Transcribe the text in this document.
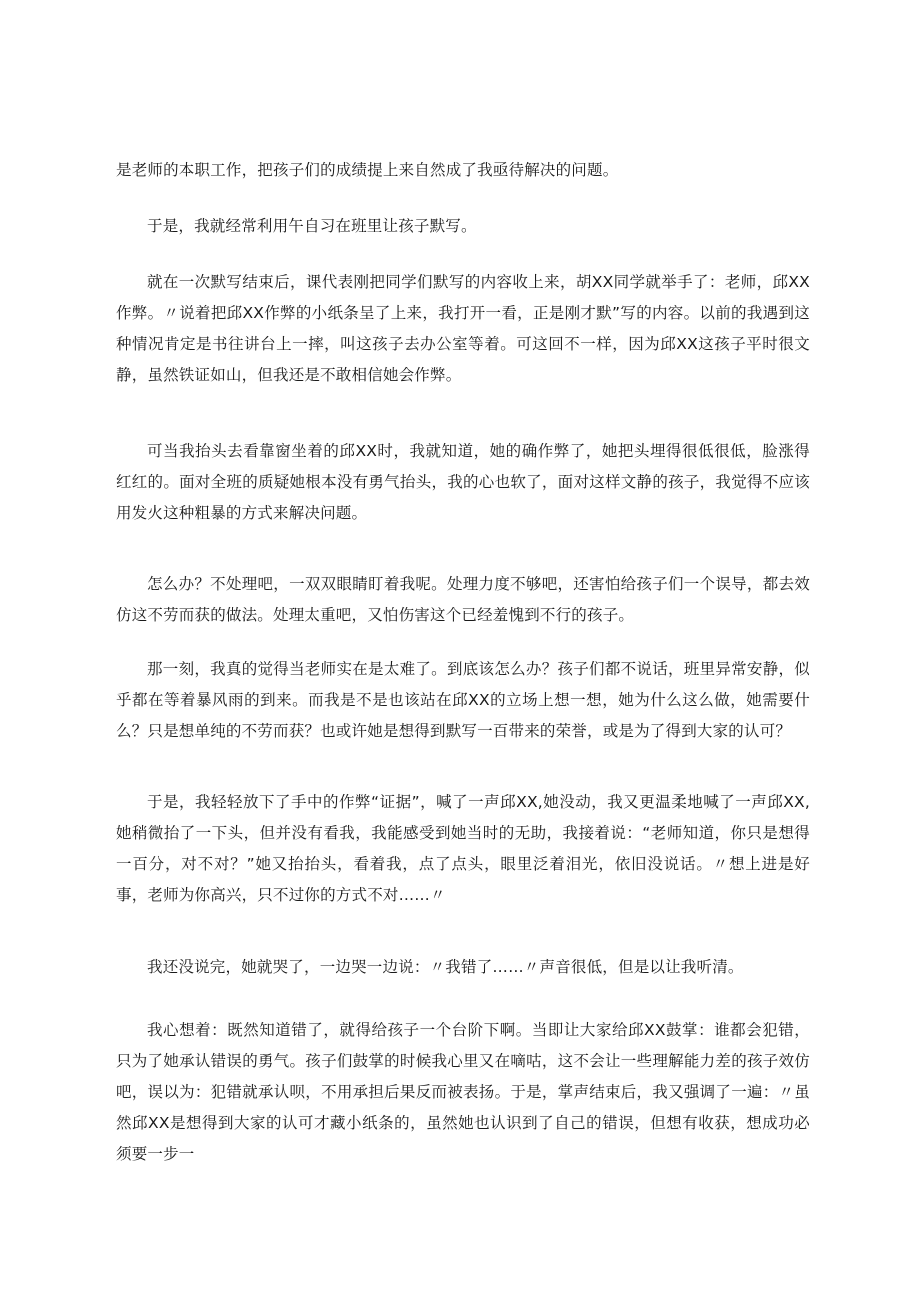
是老师的本职工作，把孩子们的成绩提上来自然成了我亟待解决的问题。

于是，我就经常利用午自习在班里让孩子默写。

就在一次默写结束后，课代表刚把同学们默写的内容收上来，胡XX同学就举手了：老师，邱XX作弊。〃说着把邱XX作弊的小纸条呈了上来，我打开一看，正是刚才默”写的内容。以前的我遇到这种情况肯定是书往讲台上一摔，叫这孩子去办公室等着。可这回不一样，因为邱XX这孩子平时很文静，虽然铁证如山，但我还是不敢相信她会作弊。

可当我抬头去看靠窗坐着的邱XX时，我就知道，她的确作弊了，她把头埋得很低很低，脸涨得红红的。面对全班的质疑她根本没有勇气抬头，我的心也软了，面对这样文静的孩子，我觉得不应该用发火这种粗暴的方式来解决问题。

怎么办？不处理吧，一双双眼睛盯着我呢。处理力度不够吧，还害怕给孩子们一个误导，都去效仿这不劳而获的做法。处理太重吧，又怕伤害这个已经羞愧到不行的孩子。

那一刻，我真的觉得当老师实在是太难了。到底该怎么办？孩子们都不说话，班里异常安静，似乎都在等着暴风雨的到来。而我是不是也该站在邱XX的立场上想一想，她为什么这么做，她需要什么？只是想单纯的不劳而获？也或许她是想得到默写一百带来的荣誉，或是为了得到大家的认可？

于是，我轻轻放下了手中的作弊“证据”，喊了一声邱XX,她没动，我又更温柔地喊了一声邱XX,她稍微抬了一下头，但并没有看我，我能感受到她当时的无助，我接着说：“老师知道，你只是想得一百分，对不对？”她又抬抬头，看着我，点了点头，眼里泛着泪光，依旧没说话。〃想上进是好事，老师为你高兴，只不过你的方式不对……〃

我还没说完，她就哭了，一边哭一边说：〃我错了……〃声音很低，但是以让我听清。

我心想着：既然知道错了，就得给孩子一个台阶下啊。当即让大家给邱XX鼓掌：谁都会犯错，只为了她承认错误的勇气。孩子们鼓掌的时候我心里又在嘀咕，这不会让一些理解能力差的孩子效仿吧，误以为：犯错就承认呗，不用承担后果反而被表扬。于是，掌声结束后，我又强调了一遍：〃虽然邱XX是想得到大家的认可才藏小纸条的，虽然她也认识到了自己的错误，但想有收获，想成功必须要一步一
